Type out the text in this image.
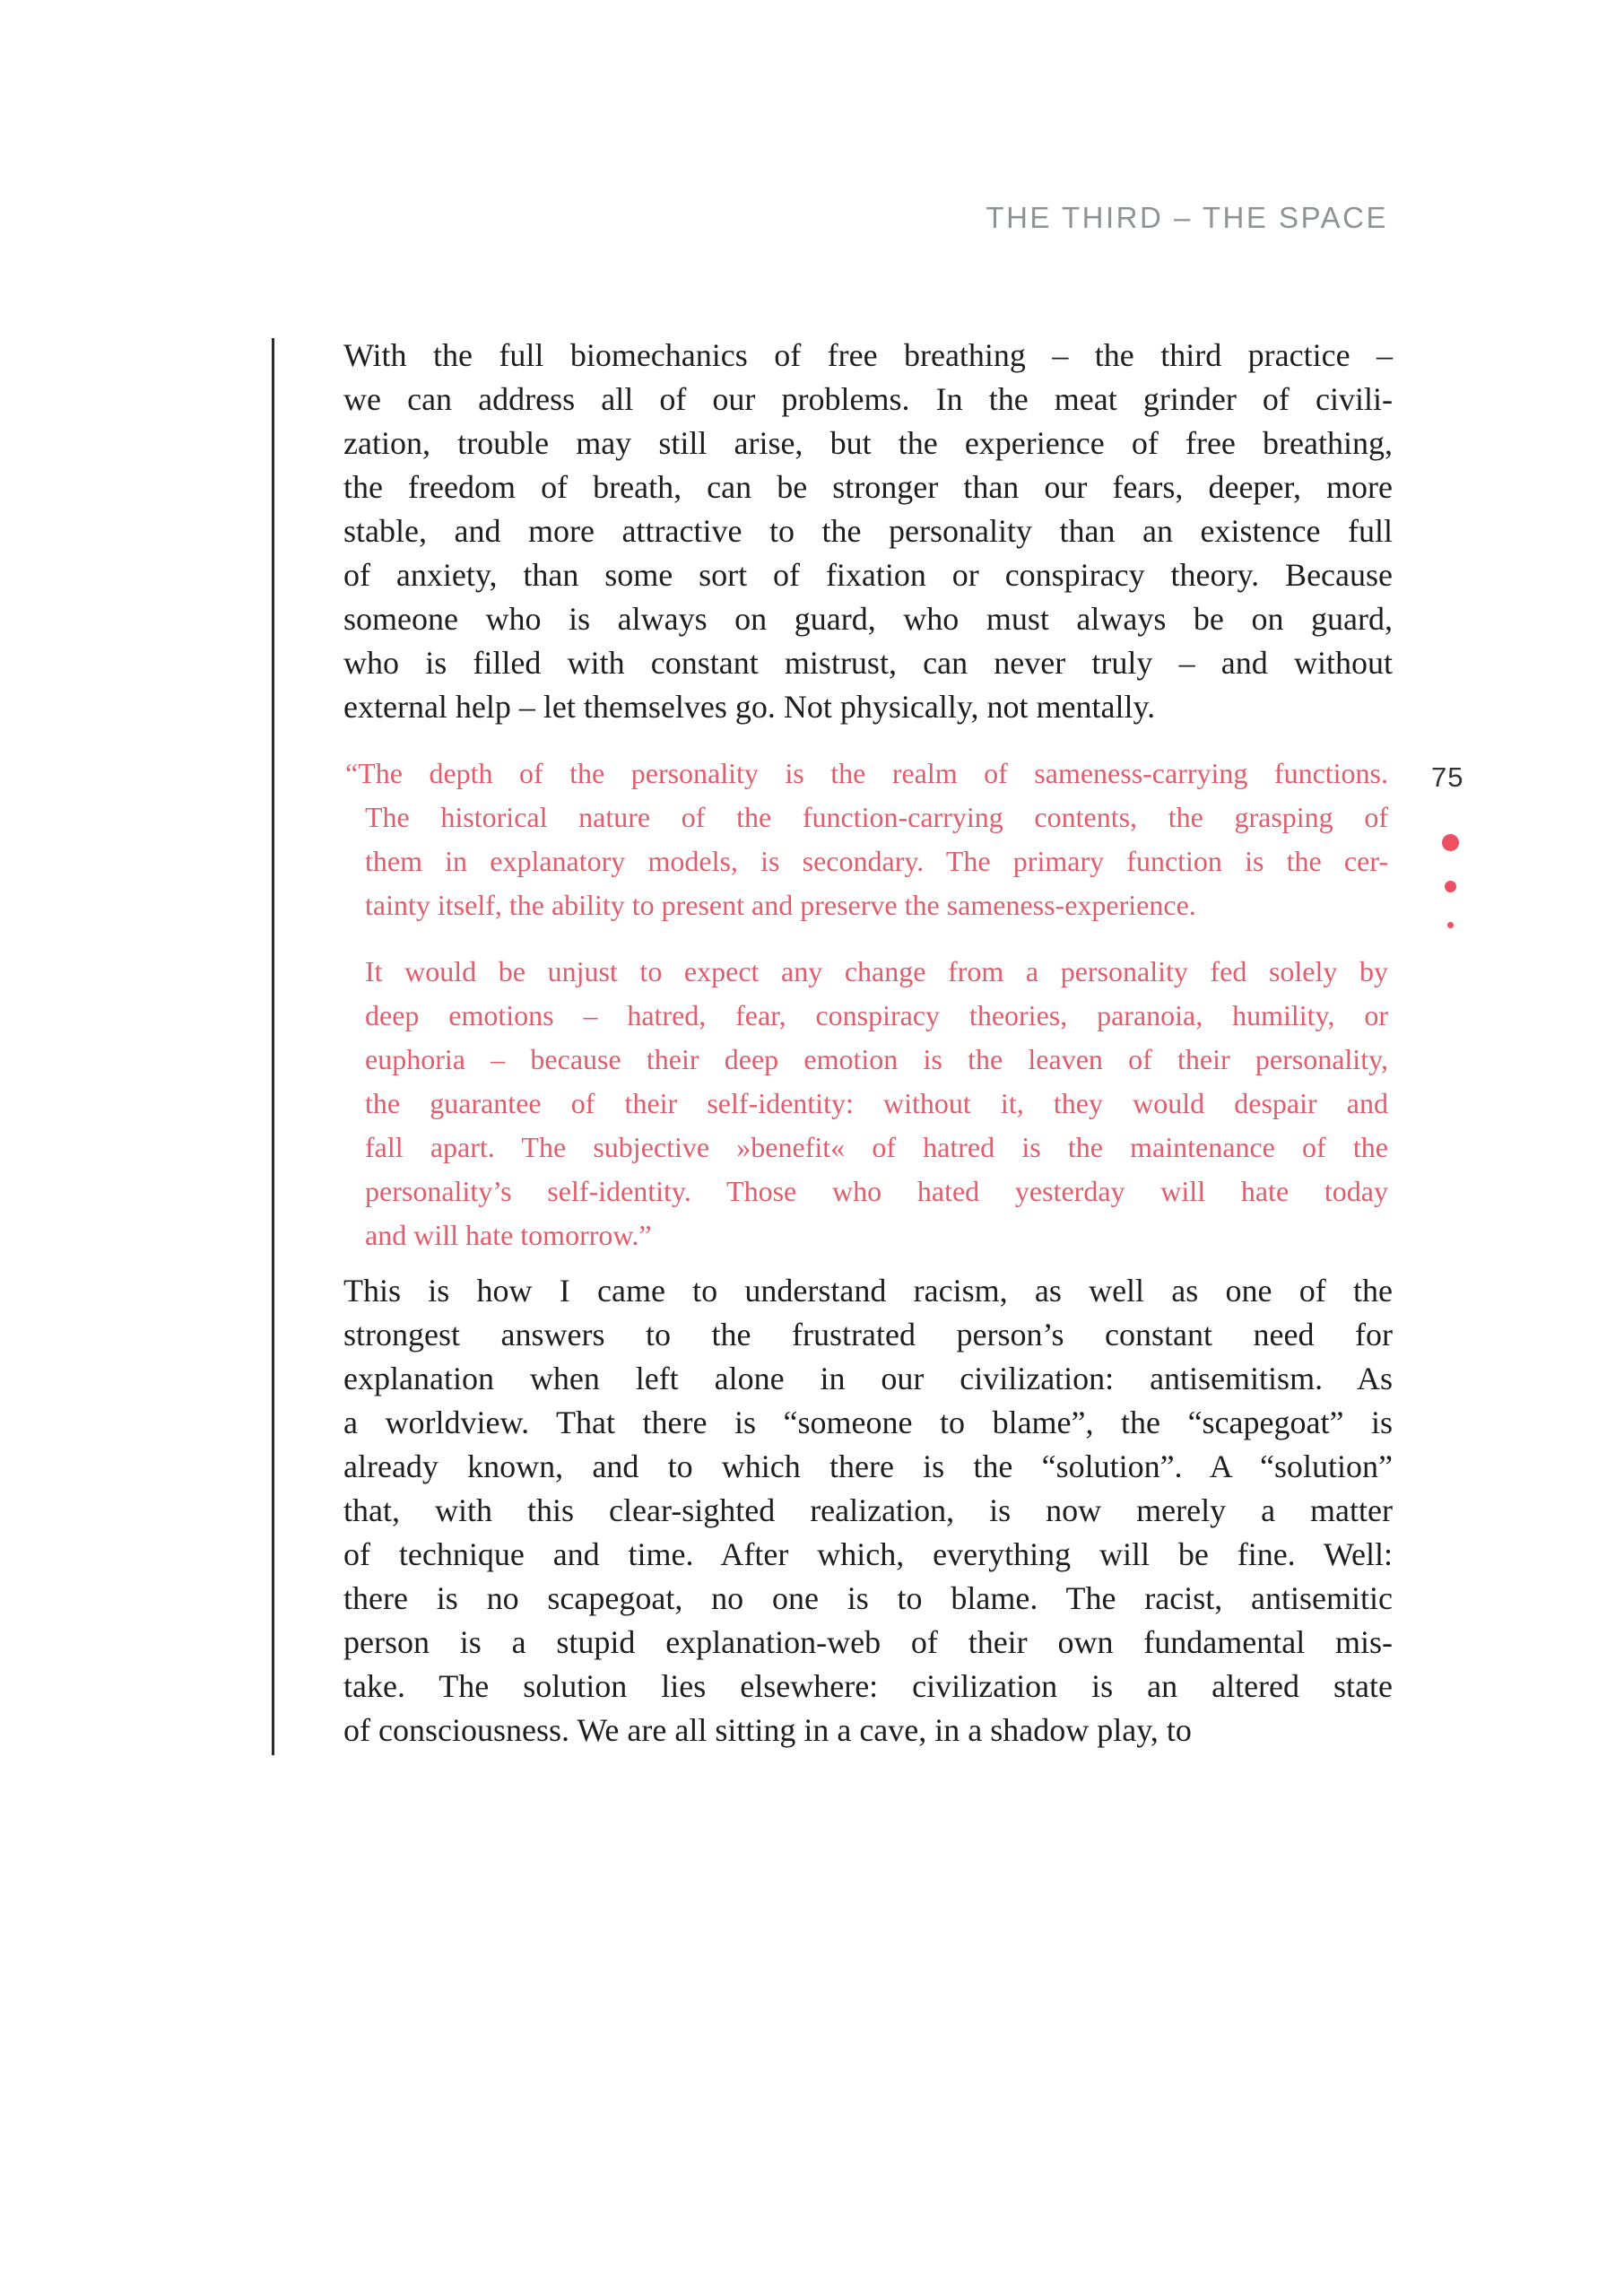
THE THIRD – THE SPACE
With the full biomechanics of free breathing – the third practice –
we can address all of our problems. In the meat grinder of civili-
zation, trouble may still arise, but the experience of free breathing,
the freedom of breath, can be stronger than our fears, deeper, more
stable, and more attractive to the personality than an existence full
of anxiety, than some sort of fixation or conspiracy theory. Because
someone who is always on guard, who must always be on guard,
who is filled with constant mistrust, can never truly – and without
external help – let themselves go. Not physically, not mentally.
“The depth of the personality is the realm of sameness-carrying functions.
The historical nature of the function-carrying contents, the grasping of
them in explanatory models, is secondary. The primary function is the cer-
tainty itself, the ability to present and preserve the sameness-experience.
It would be unjust to expect any change from a personality fed solely by
deep emotions – hatred, fear, conspiracy theories, paranoia, humility, or
euphoria – because their deep emotion is the leaven of their personality,
the guarantee of their self-identity: without it, they would despair and
fall apart. The subjective »benefit« of hatred is the maintenance of the
personality’s self-identity. Those who hated yesterday will hate today
and will hate tomorrow.”
This is how I came to understand racism, as well as one of the
strongest answers to the frustrated person’s constant need for
explanation when left alone in our civilization: antisemitism. As
a worldview. That there is “someone to blame”, the “scapegoat” is
already known, and to which there is the “solution”. A “solution”
that, with this clear-sighted realization, is now merely a matter
of technique and time. After which, everything will be fine. Well:
there is no scapegoat, no one is to blame. The racist, antisemitic
person is a stupid explanation-web of their own fundamental mis-
take. The solution lies elsewhere: civilization is an altered state
of consciousness. We are all sitting in a cave, in a shadow play, to
75
